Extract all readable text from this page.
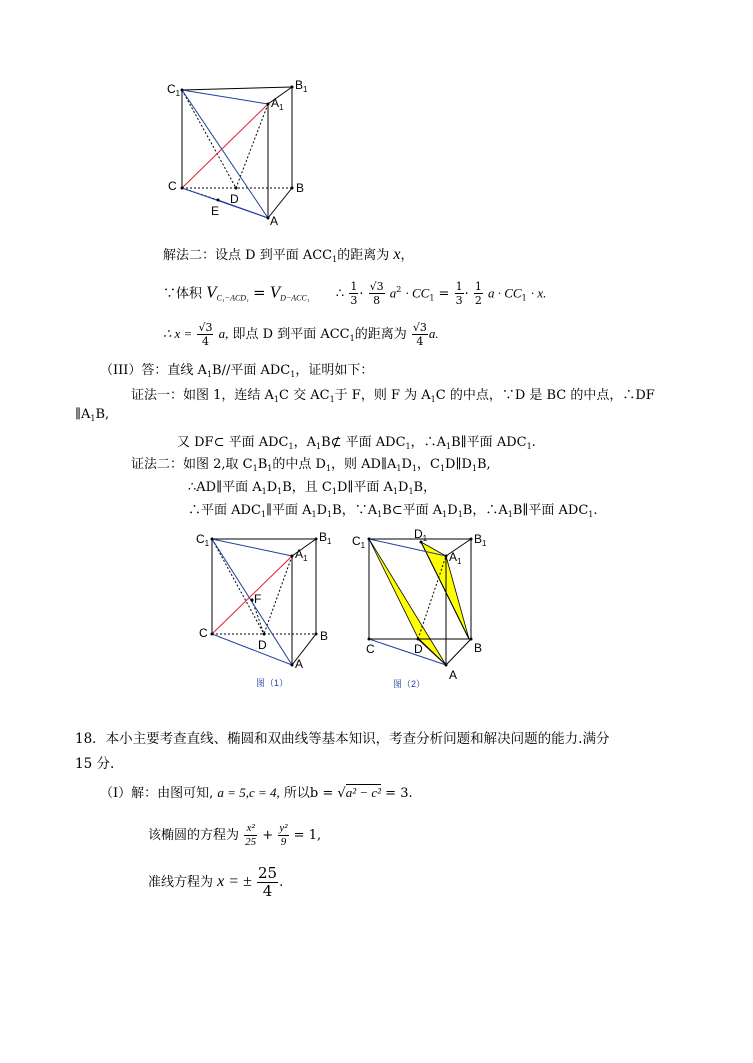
$C_1$
$B_1$
$A_1$
C	B
D
E
A
解法二：设点 D 到平面 $ACC_1$的距离为 x，
∵体积 $V_{C_1-ACD_1} = V_{D-ACC_1}$ ∴ $\frac{1}{3} \cdot \frac{√3}{8} a^2 \cdot CC_1 = \frac{1}{3} \cdot \frac{1}{2}$ $a \cdot CC_1 \cdot x$.
∴ $x = \frac{√3}{4} a$, 即点 D 到平面 $ACC_1$的距离为 $\frac{√3}{4} a$.
（III）答：直线 $A_1B//$平面 $ADC_1$，证明如下：
证法一：如图 1，连结 $A_1C$ 交 $AC_1$于 F，则 F 为 $A_1C$ 的中点，∵D 是 BC 的中点，∴DF
$\parallel A_1B$,
又 DF⊂ 平面 $ADC_1$，$A_1B⊄$ 平面 $ADC_1$，$\therefore A_1B\parallel$平面 $ADC_1$.
证法二：如图 2,取 $C_1B_1$的中点 $D_1$，则 $AD\parallel A_1D_1$，$C_1D\parallel D_1B$,
∴AD∥平面 $A_1D_1B$，且 $C_1D\parallel$平面 $A_1D_1B$，
∴平面 $ADC_1\parallel$平面 $A_1D_1B$，$\because A_1B\subset$平面 $A_1D_1B$，$\therefore A_1B\parallel$平面 $ADC_1$.
$C_1$	$B_1$
$A_1$
F
C
D
B
A
图（1）
$C_1$
$D_1$	$B_1$
$A_1$
C	D	B
A
图（2）
18．本小主要考查直线、椭圆和双曲线等基本知识，考查分析问题和解决问题的能力.满分
15 分.
（Ⅰ）解：由图可知, a = 5,c = 4, 所以b = √a² − c² = 3.
该椭圆的方程为 $\frac{\text{x²}}{25} + \frac{\text{y²}}{9} = 1$,
准线方程为 x = ± $\frac{25}{4}$ .
